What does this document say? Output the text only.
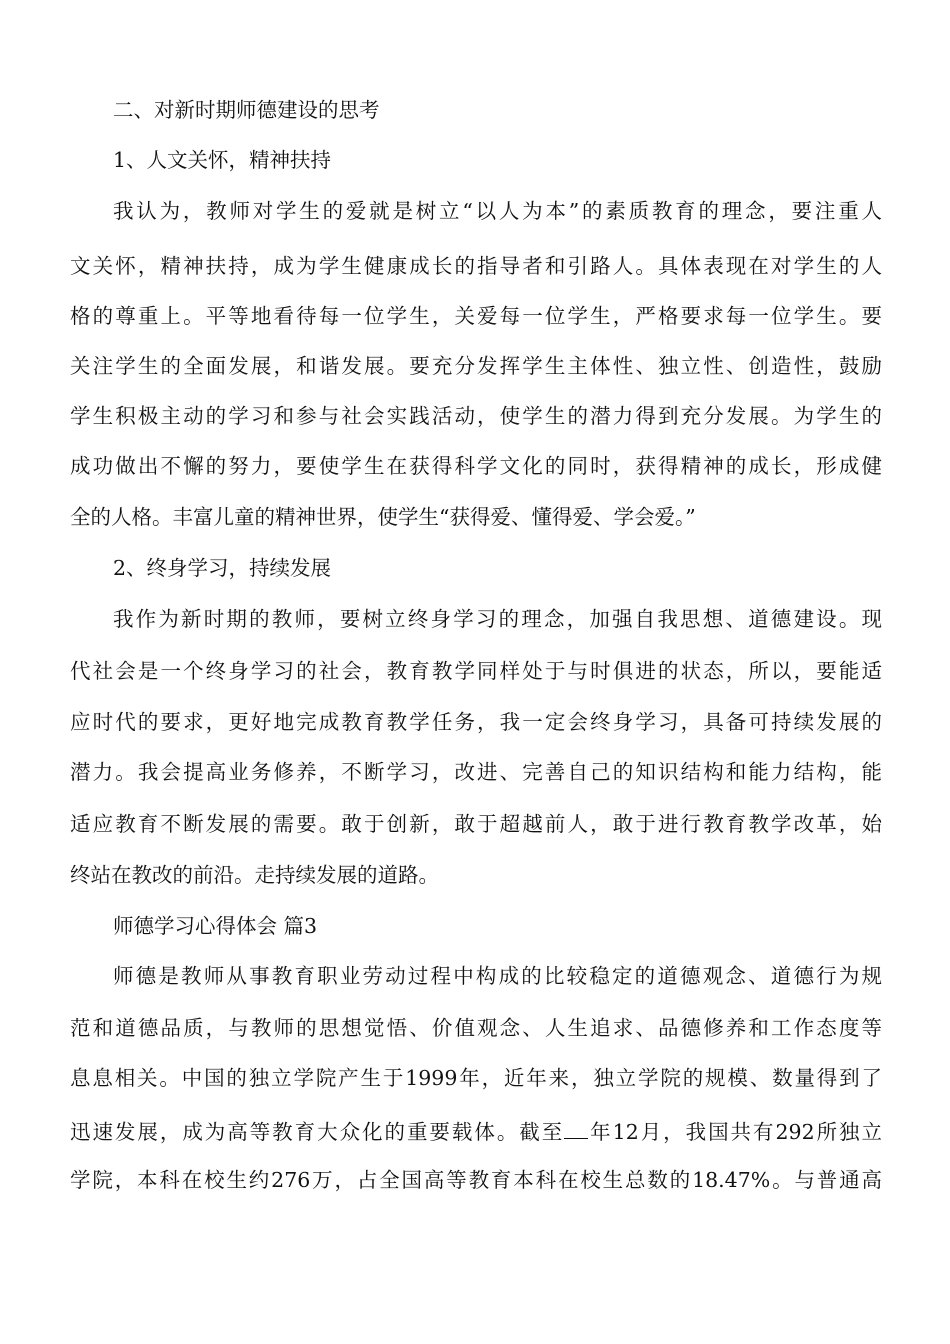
二、对新时期师德建设的思考
1、人文关怀，精神扶持
我认为，教师对学生的爱就是树立“以人为本”的素质教育的理念，要注重人
文关怀，精神扶持，成为学生健康成长的指导者和引路人。具体表现在对学生的人
格的尊重上。平等地看待每一位学生，关爱每一位学生，严格要求每一位学生。要
关注学生的全面发展，和谐发展。要充分发挥学生主体性、独立性、创造性，鼓励
学生积极主动的学习和参与社会实践活动，使学生的潜力得到充分发展。为学生的
成功做出不懈的努力，要使学生在获得科学文化的同时，获得精神的成长，形成健
全的人格。丰富儿童的精神世界，使学生“获得爱、懂得爱、学会爱。”
2、终身学习，持续发展
我作为新时期的教师，要树立终身学习的理念，加强自我思想、道德建设。现
代社会是一个终身学习的社会，教育教学同样处于与时俱进的状态，所以，要能适
应时代的要求，更好地完成教育教学任务，我一定会终身学习，具备可持续发展的
潜力。我会提高业务修养，不断学习，改进、完善自己的知识结构和能力结构，能
适应教育不断发展的需要。敢于创新，敢于超越前人，敢于进行教育教学改革，始
终站在教改的前沿。走持续发展的道路。
师德学习心得体会 篇3
师德是教师从事教育职业劳动过程中构成的比较稳定的道德观念、道德行为规
范和道德品质，与教师的思想觉悟、价值观念、人生追求、品德修养和工作态度等
息息相关。中国的独立学院产生于1999年，近年来，独立学院的规模、数量得到了
迅速发展，成为高等教育大众化的重要载体。截至 年12月，我国共有292所独立
学院，本科在校生约276万，占全国高等教育本科在校生总数的18.47%。与普通高
